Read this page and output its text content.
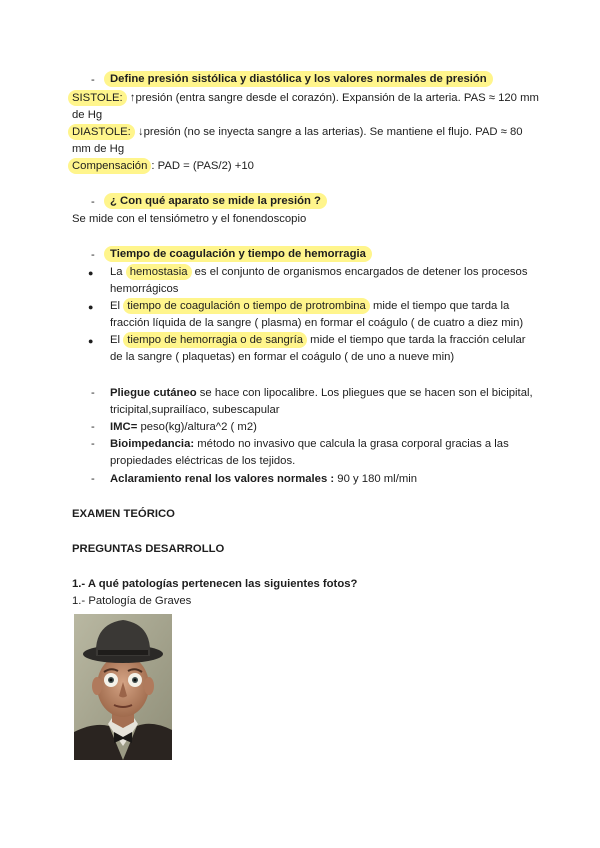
-	Define presión sistólica y diastólica y los valores normales de presión
SISTOLE: ↑presión (entra sangre desde el corazón). Expansión de la arteria. PAS ≈ 120 mm
de Hg
DIASTOLE: ↓presión (no se inyecta sangre a las arterias). Se mantiene el flujo. PAD ≈ 80
mm de Hg
Compensación : PAD = (PAS/2) +10
-	¿ Con qué aparato se mide la presión ?
Se mide con el tensiómetro y el fonendoscopio
-	Tiempo de coagulación y tiempo de hemorragia
● La hemostasia es el conjunto de organismos encargados de detener los procesos
hemorrágicos
● El tiempo de coagulación o tiempo de protrombina mide el tiempo que tarda la
fracción líquida de la sangre ( plasma) en formar el coágulo ( de cuatro a diez min)
● El tiempo de hemorragia o de sangría mide el tiempo que tarda la fracción celular
de la sangre ( plaquetas) en formar el coágulo ( de uno a nueve min)
- Pliegue cutáneo se hace con lipocalibre. Los pliegues que se hacen son el bicipital,
tricipital,suprailíaco, subescapular
- IMC= peso(kg)/altura^2 ( m2)
- Bioimpedancia: método no invasivo que calcula la grasa corporal gracias a las
propiedades eléctricas de los tejidos.
- Aclaramiento renal los valores normales : 90 y 180 ml/min
EXAMEN TEÓRICO
PREGUNTAS DESARROLLO
1.- A qué patologías pertenecen las siguientes fotos?
1.- Patología de Graves
